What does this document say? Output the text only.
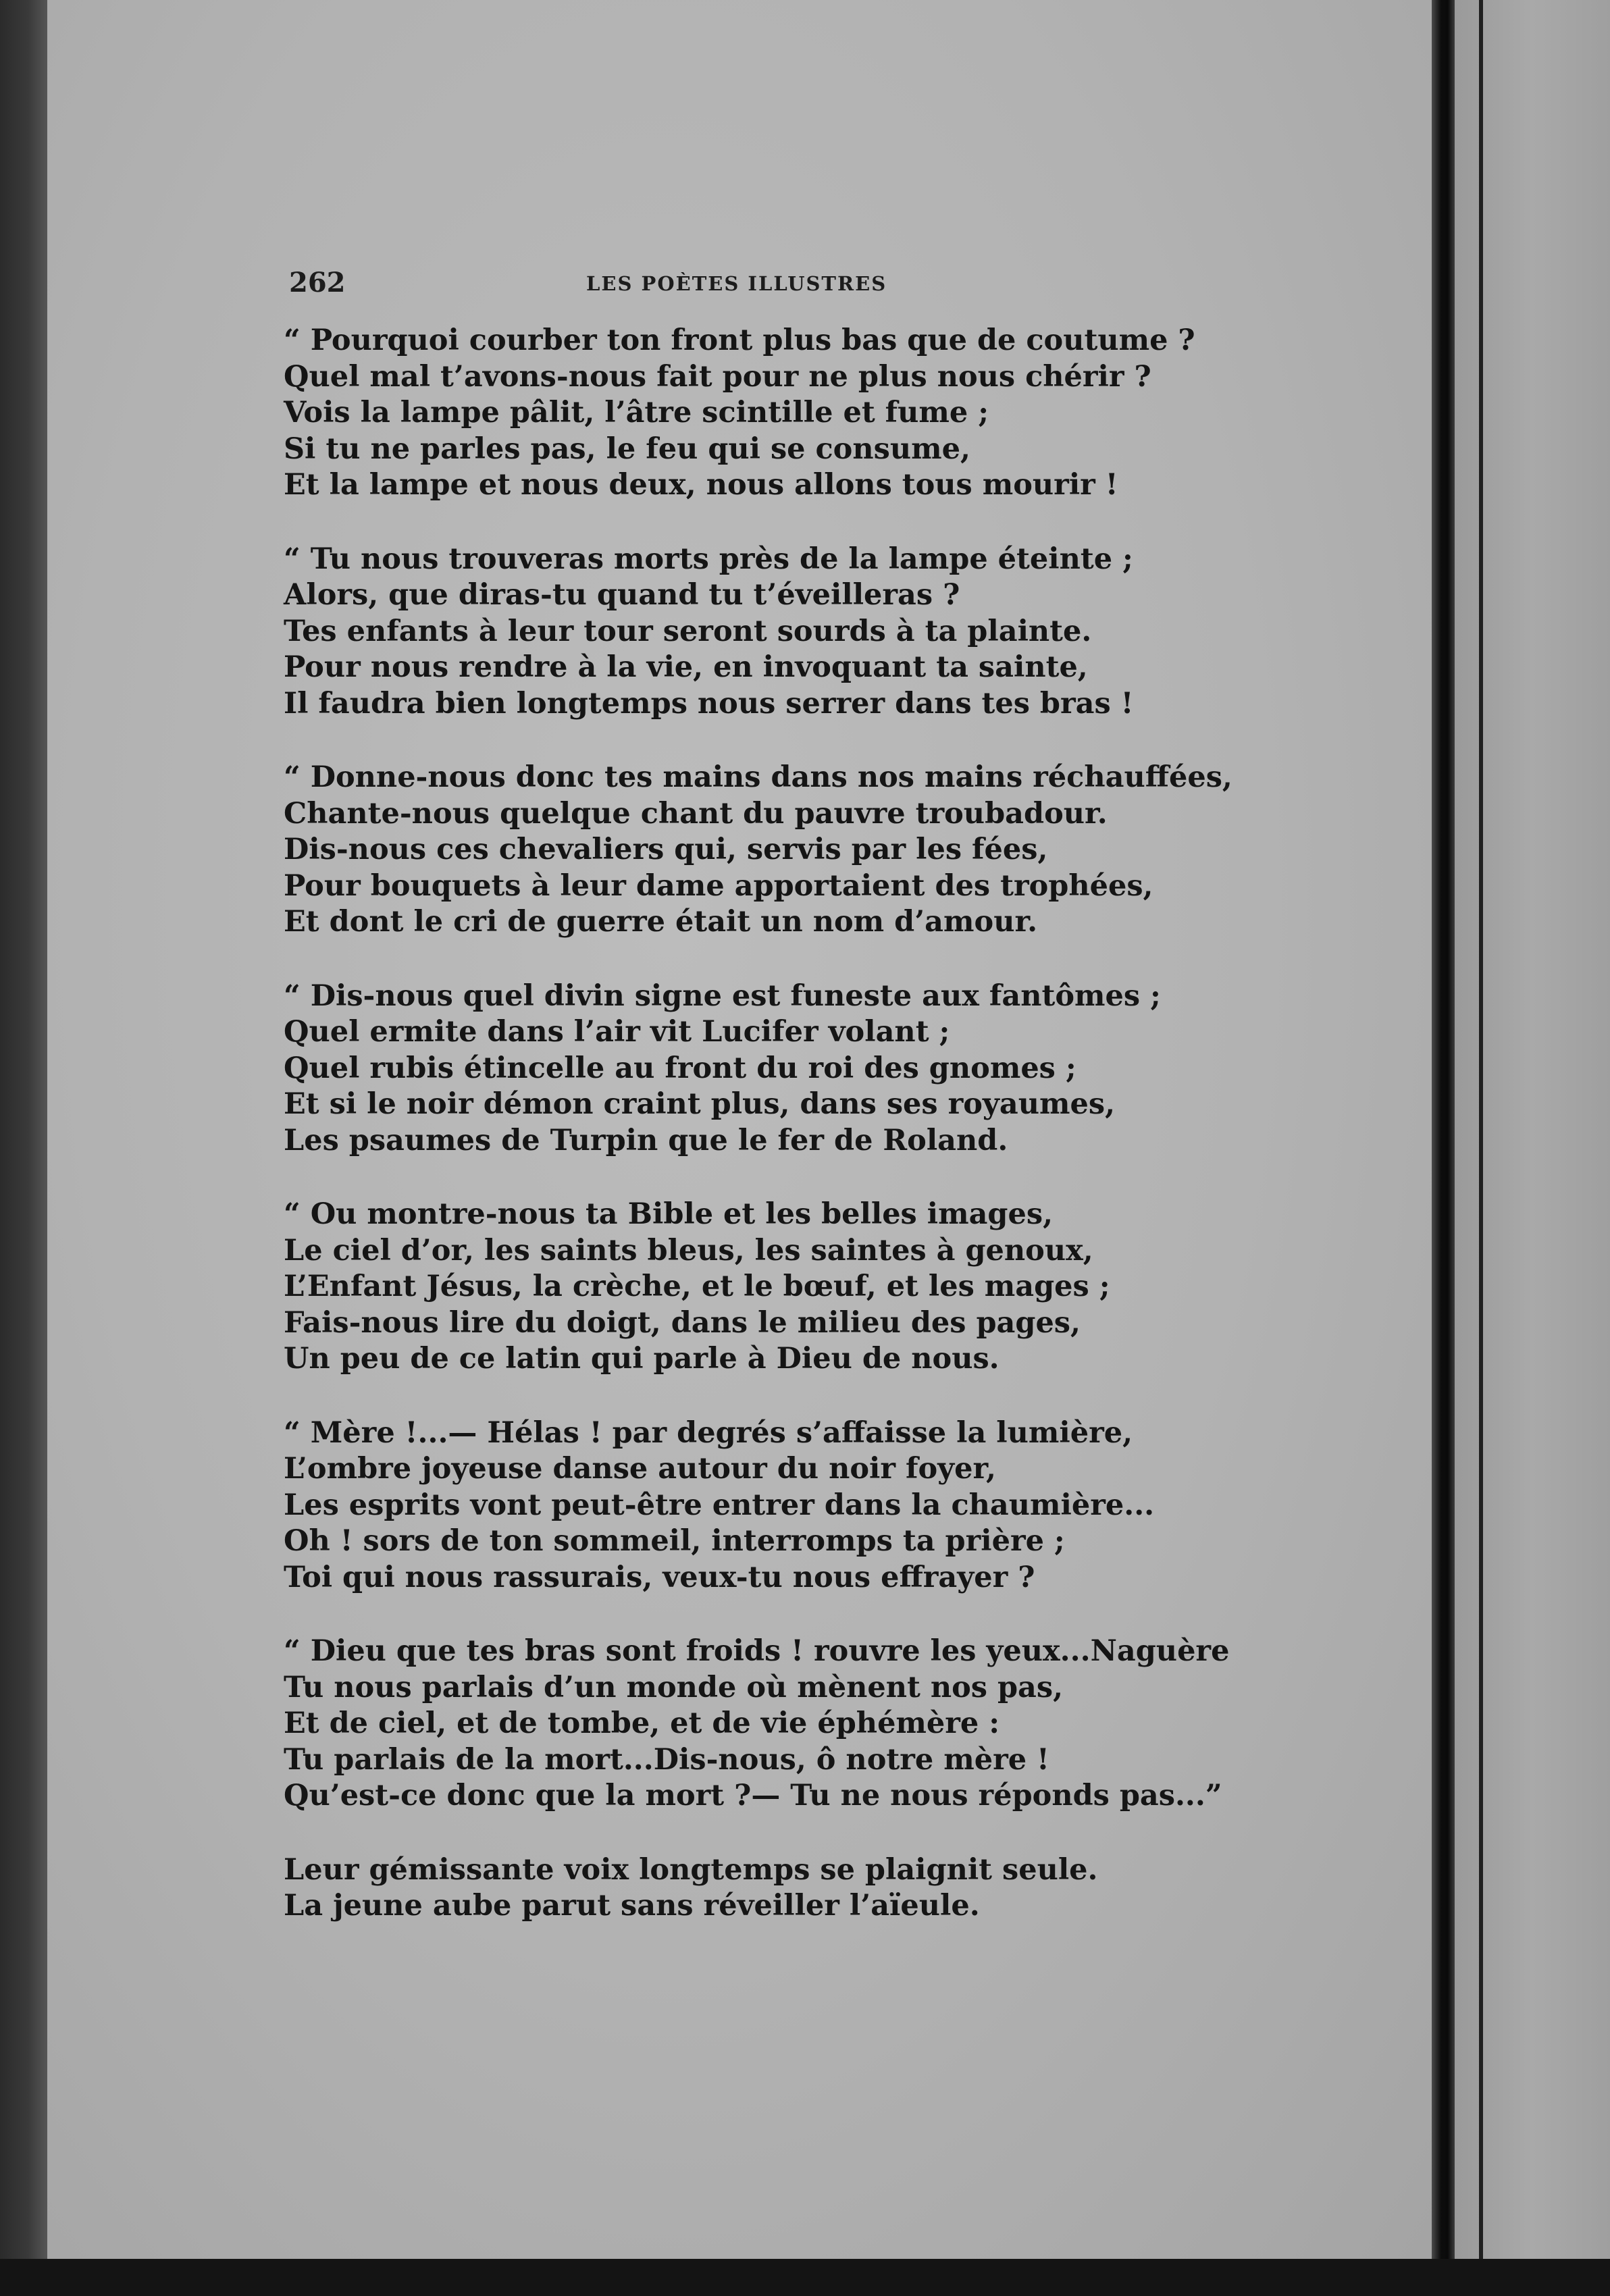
262	LES POÈTES ILLUSTRES
“ Pourquoi courber ton front plus bas que de coutume ?
Quel mal t’avons-nous fait pour ne plus nous chérir ?
Vois la lampe pâlit, l’âtre scintille et fume ;
Si tu ne parles pas, le feu qui se consume,
Et la lampe et nous deux, nous allons tous mourir !
“ Tu nous trouveras morts près de la lampe éteinte ;
Alors, que diras-tu quand tu t’éveilleras ?
Tes enfants à leur tour seront sourds à ta plainte.
Pour nous rendre à la vie, en invoquant ta sainte,
Il faudra bien longtemps nous serrer dans tes bras !
“ Donne-nous donc tes mains dans nos mains réchauffées,
Chante-nous quelque chant du pauvre troubadour.
Dis-nous ces chevaliers qui, servis par les fées,
Pour bouquets à leur dame apportaient des trophées,
Et dont le cri de guerre était un nom d’amour.
“ Dis-nous quel divin signe est funeste aux fantômes ;
Quel ermite dans l’air vit Lucifer volant ;
Quel rubis étincelle au front du roi des gnomes ;
Et si le noir démon craint plus, dans ses royaumes,
Les psaumes de Turpin que le fer de Roland.
“ Ou montre-nous ta Bible et les belles images,
Le ciel d’or, les saints bleus, les saintes à genoux,
L’Enfant Jésus, la crèche, et le bœuf, et les mages ;
Fais-nous lire du doigt, dans le milieu des pages,
Un peu de ce latin qui parle à Dieu de nous.
“ Mère !...— Hélas ! par degrés s’affaisse la lumière,
L’ombre joyeuse danse autour du noir foyer,
Les esprits vont peut-être entrer dans la chaumière...
Oh ! sors de ton sommeil, interromps ta prière ;
Toi qui nous rassurais, veux-tu nous effrayer ?
“ Dieu que tes bras sont froids ! rouvre les yeux...Naguère
Tu nous parlais d’un monde où mènent nos pas,
Et de ciel, et de tombe, et de vie éphémère :
Tu parlais de la mort...Dis-nous, ô notre mère !
Qu’est-ce donc que la mort ?— Tu ne nous réponds pas...”
Leur gémissante voix longtemps se plaignit seule.
La jeune aube parut sans réveiller l’aïeule.
